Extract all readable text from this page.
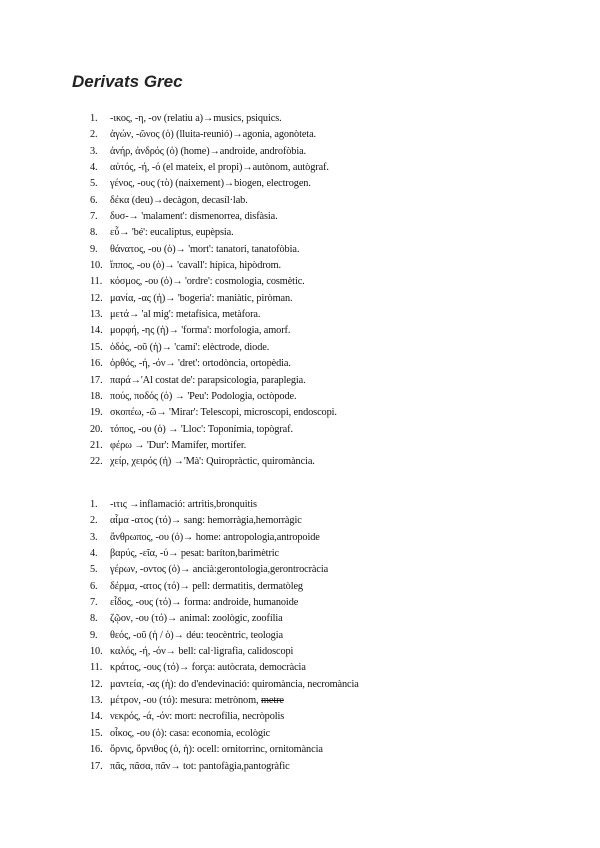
Derivats Grec
1.	-ικος, -η, -ον (relatiu a)→musics, psiquics.
2.	ἀγών, -ῶνος (ὁ) (lluita-reunió)→agonia, agonòteta.
3.	ἀνήρ, ἀνδρός (ὁ) (home)→androide, androfòbia.
4.	αὐτός, -ή, -ό (el mateix, el propi)→autònom, autògraf.
5.	γένος, -ους (τὸ) (naixement)→biogen, electrogen.
6.	δέκα (deu)→decàgon, decasíl·lab.
7.	δυσ-→ 'malament': dismenorrea, disfàsia.
8.	εὖ→ 'bé': eucaliptus, eupèpsia.
9.	θάνατος, -ου (ὁ)→ 'mort': tanatori, tanatofòbia.
10. ἵππος, -ου (ὁ)→ 'cavall': hípica, hipòdrom.
11. κόσμος, -ου (ὁ)→ 'ordre': cosmologia, cosmètic.
12. μανία, -ας (ἡ)→ 'bogeria': maniàtic, piròman.
13. μετά→ 'al mig': metafísica, metàfora.
14. μορφή, -ης (ἡ)→ 'forma': morfologia, amorf.
15. ὁδός, -οῦ (ἡ)→ 'camí': elèctrode, diode.
16. ὀρθός, -ή, -όν→ 'dret': ortodòncia, ortopèdia.
17. παρά→'Al costat de': parapsicologia, paraplegia.
18. πούς, ποδός (ὁ) → 'Peu': Podologia, octòpode.
19. σκοπέω, -ῶ→ 'Mirar': Telescopi, microscopi, endoscopi.
20. τόπος, -ου (ὁ) → 'Lloc': Toponímia, topògraf.
21. φέρω → 'Dur': Mamífer, mortífer.
22. χείρ, χειρός (ἡ) →'Mà': Quiropràctic, quiromància.
1.	-ιτις →inflamació: artritis,bronquitis
2.	αἷμα -ατος (τό)→ sang: hemorràgia,hemorràgic
3.	ἄνθρωπος, -ου (ὁ)→ home: antropologia,antropoide
4.	βαρύς, -εῖα, -ύ→ pesat: baríton,barimètric
5.	γέρων, -οντος (ὁ)→ ancià:gerontologia,gerontrocràcia
6.	δέρμα, -ατος (τό)→ pell: dermatitis, dermatòleg
7.	εἶδος, -ους (τό)→ forma: androide, humanoide
8.	ζῷον, -ου (τό)→ animal: zoològic, zoofília
9.	θεός, -οῦ (ἡ / ὁ)→ déu: teocèntric, teologia
10. καλός, -ή, -όν→ bell: cal·ligrafia, calidoscopi
11. κράτος, -ους (τό)→ força: autòcrata, democràcia
12. μαντεία, -ας (ἡ): do d'endevinació: quiromància, necromància
13. μέτρον, -ου (τό): mesura: metrònom, metre
14. νεκρός, -ά, -όν: mort: necrofília, necròpolis
15. οἶκος, -ου (ὁ): casa: economia, ecològic
16. ὄρνις, ὄρνιθος (ὁ, ἡ): ocell: ornitorrinc, ornitomància
17. πᾶς, πᾶσα, πᾶν→ tot: pantofàgia,pantogràfic
